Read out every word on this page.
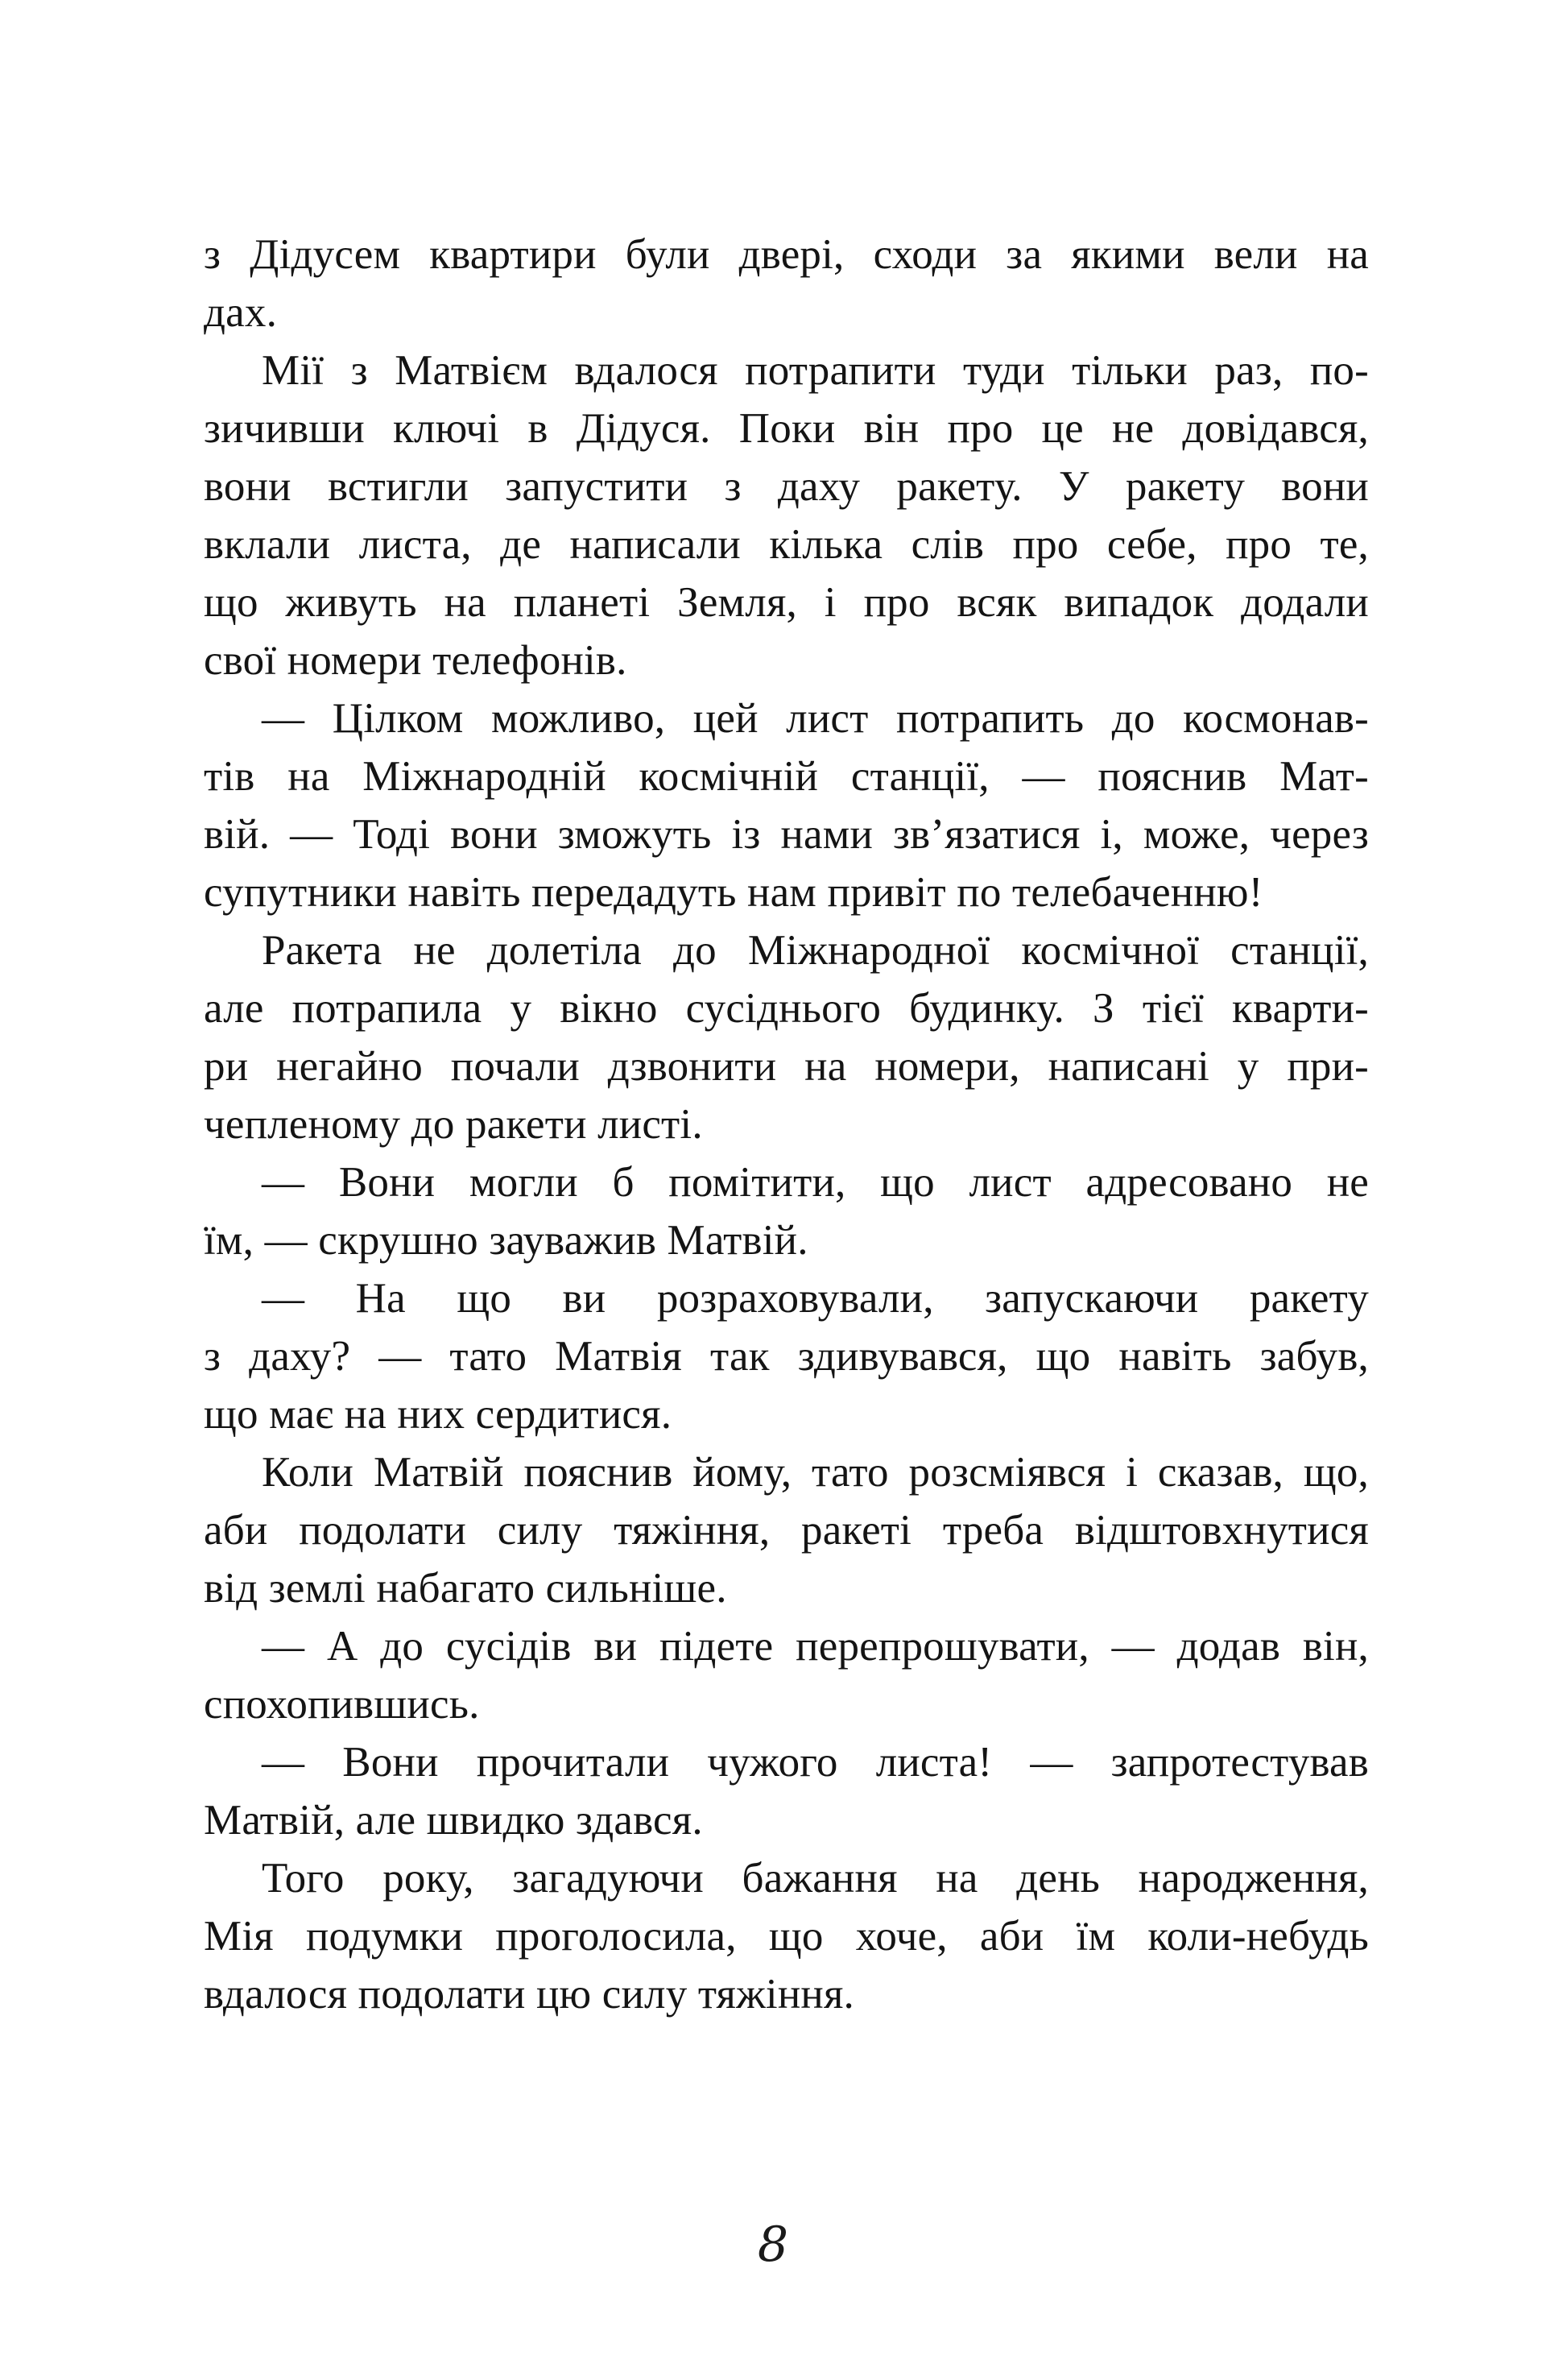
з Дідусем квартири були двері, сходи за якими вели на
дах.
Мії з Матвієм вдалося потрапити туди тільки раз, по-
зичивши ключі в Дідуся. Поки він про це не довідався,
вони встигли запустити з даху ракету. У ракету вони
вклали листа, де написали кілька слів про себе, про те,
що живуть на планеті Земля, і про всяк випадок додали
свої номери телефонів.
— Цілком можливо, цей лист потрапить до космонав-
тів на Міжнародній космічній станції, — пояснив Мат-
вій. — Тоді вони зможуть із нами зв’язатися і, може, через
супутники навіть передадуть нам привіт по телебаченню!
Ракета не долетіла до Міжнародної космічної станції,
але потрапила у вікно сусіднього будинку. З тієї кварти-
ри негайно почали дзвонити на номери, написані у при-
чепленому до ракети листі.
— Вони могли б помітити, що лист адресовано не
їм, — скрушно зауважив Матвій.
— На що ви розраховували, запускаючи ракету
з даху? — тато Матвія так здивувався, що навіть забув,
що має на них сердитися.
Коли Матвій пояснив йому, тато розсміявся і сказав, що,
аби подолати силу тяжіння, ракеті треба відштовхнутися
від землі набагато сильніше.
— А до сусідів ви підете перепрошувати, — додав він,
спохопившись.
— Вони прочитали чужого листа! — запротестував
Матвій, але швидко здався.
Того року, загадуючи бажання на день народження,
Мія подумки проголосила, що хоче, аби їм коли-небудь
вдалося подолати цю силу тяжіння.
8
